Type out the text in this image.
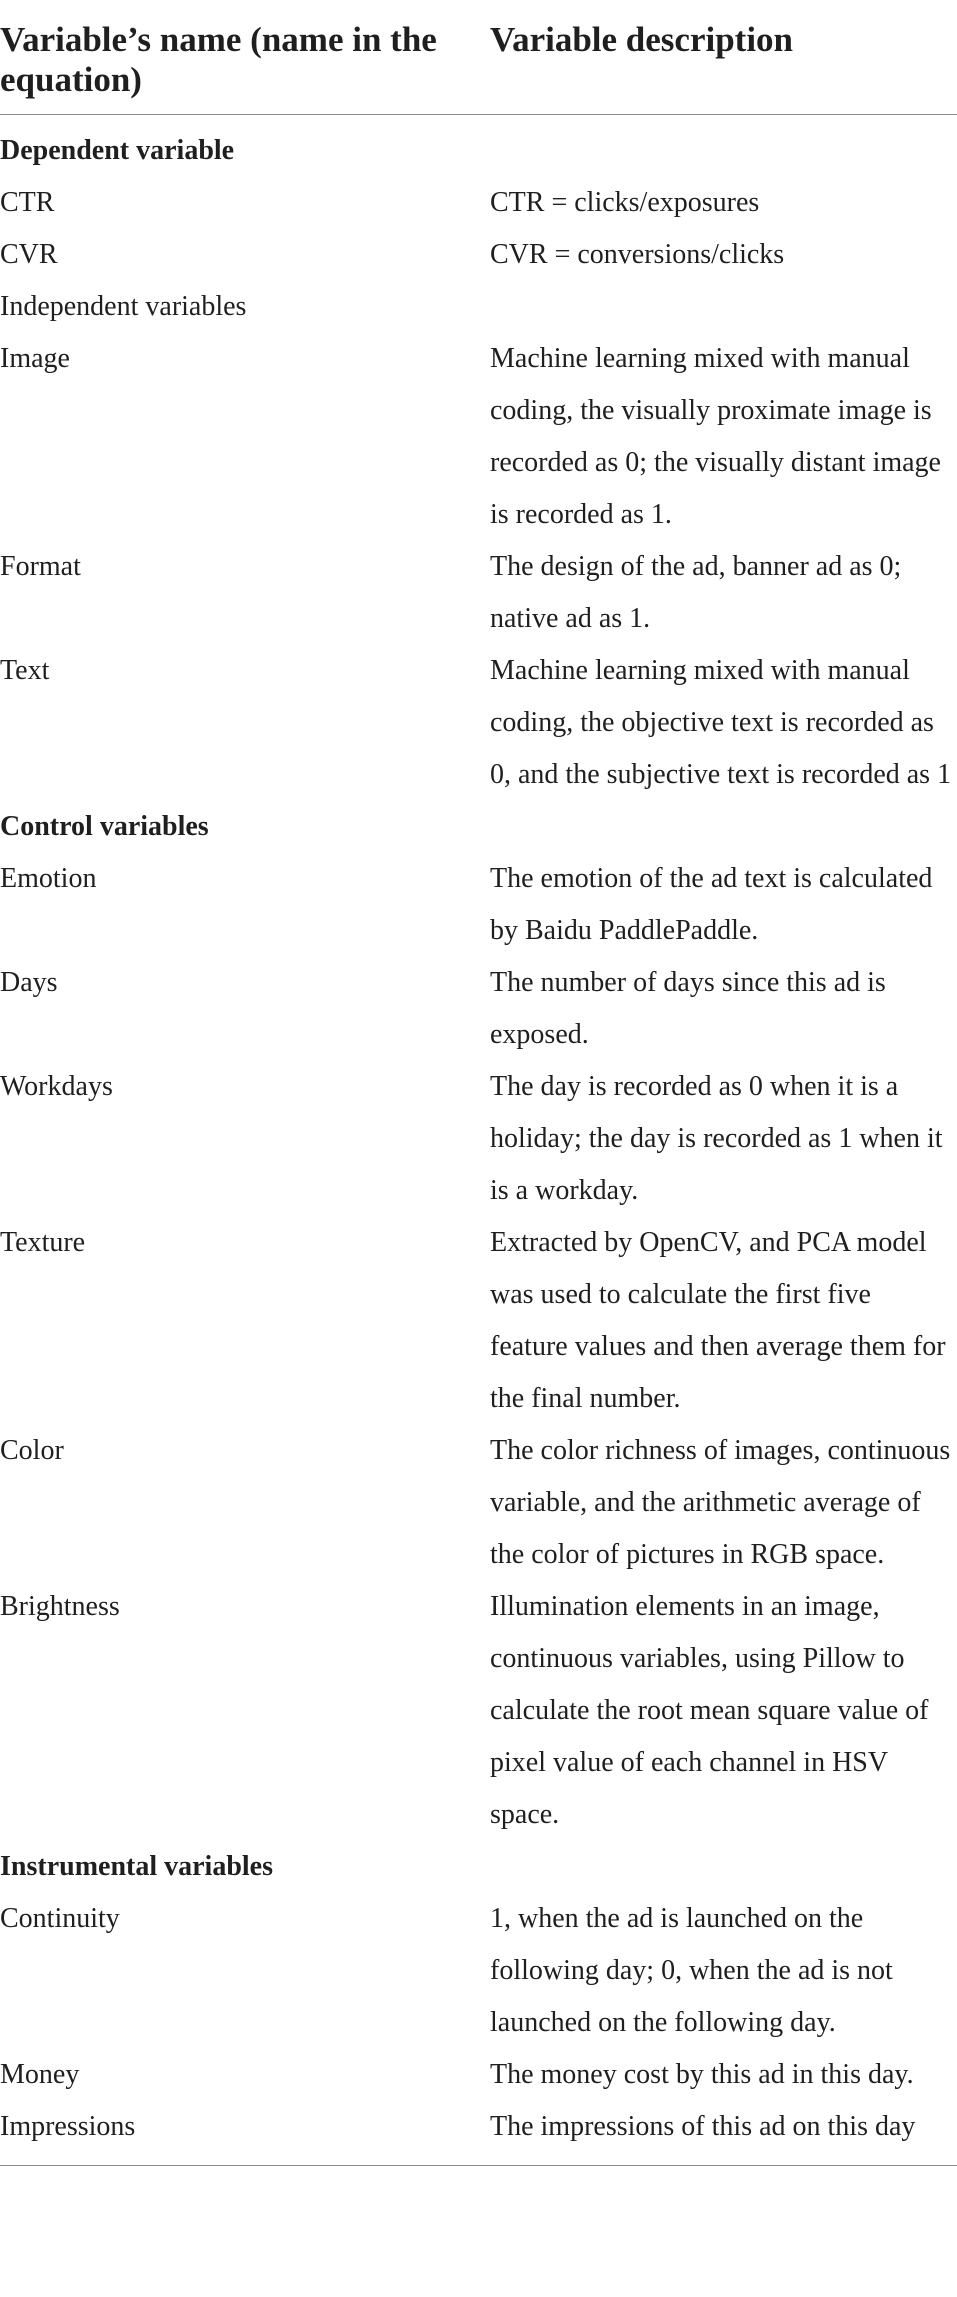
Variable’s name (name in the equation)	Variable description
Dependent variable	
CTR	CTR = clicks/exposures
CVR	CVR = conversions/clicks
Independent variables	
Image	Machine learning mixed with manual coding, the visually proximate image is recorded as 0; the visually distant image is recorded as 1.
Format	The design of the ad, banner ad as 0; native ad as 1.
Text	Machine learning mixed with manual coding, the objective text is recorded as 0, and the subjective text is recorded as 1
Control variables	
Emotion	The emotion of the ad text is calculated by Baidu PaddlePaddle.
Days	The number of days since this ad is exposed.
Workdays	The day is recorded as 0 when it is a holiday; the day is recorded as 1 when it is a workday.
Texture	Extracted by OpenCV, and PCA model was used to calculate the first five feature values and then average them for the final number.
Color	The color richness of images, continuous variable, and the arithmetic average of the color of pictures in RGB space.
Brightness	Illumination elements in an image, continuous variables, using Pillow to calculate the root mean square value of pixel value of each channel in HSV space.
Instrumental variables	
Continuity	1, when the ad is launched on the following day; 0, when the ad is not launched on the following day.
Money	The money cost by this ad in this day.
Impressions	The impressions of this ad on this day
